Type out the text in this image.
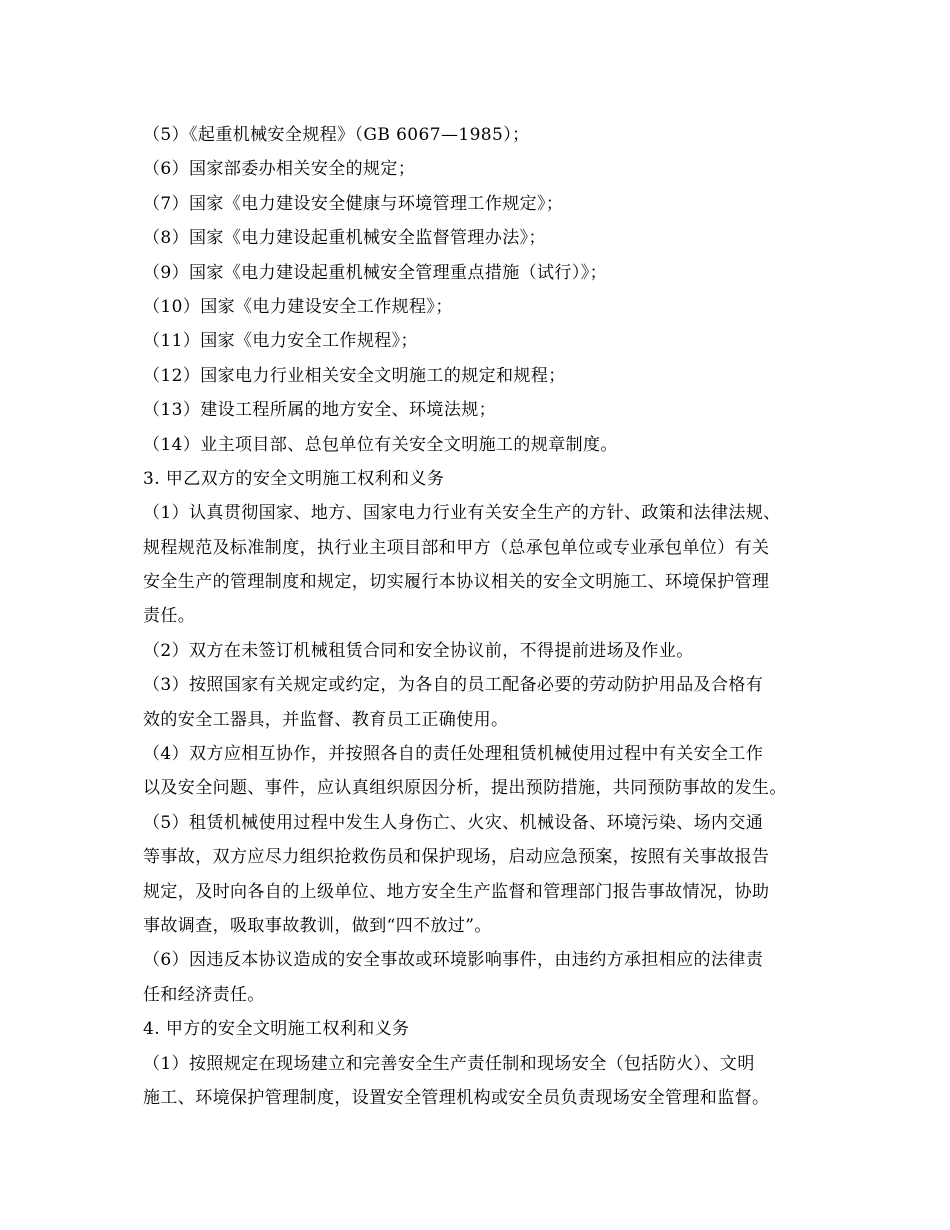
（5）《起重机械安全规程》（GB 6067—1985）；
（6）国家部委办相关安全的规定；
（7）国家《电力建设安全健康与环境管理工作规定》；
（8）国家《电力建设起重机械安全监督管理办法》；
（9）国家《电力建设起重机械安全管理重点措施（试行）》；
（10）国家《电力建设安全工作规程》；
（11）国家《电力安全工作规程》；
（12）国家电力行业相关安全文明施工的规定和规程；
（13）建设工程所属的地方安全、环境法规；
（14）业主项目部、总包单位有关安全文明施工的规章制度。
3. 甲乙双方的安全文明施工权利和义务
（1）认真贯彻国家、地方、国家电力行业有关安全生产的方针、政策和法律法规、
规程规范及标准制度，执行业主项目部和甲方（总承包单位或专业承包单位）有关
安全生产的管理制度和规定，切实履行本协议相关的安全文明施工、环境保护管理
责任。
（2）双方在未签订机械租赁合同和安全协议前，不得提前进场及作业。
（3）按照国家有关规定或约定，为各自的员工配备必要的劳动防护用品及合格有
效的安全工器具，并监督、教育员工正确使用。
（4）双方应相互协作，并按照各自的责任处理租赁机械使用过程中有关安全工作
以及安全问题、事件，应认真组织原因分析，提出预防措施，共同预防事故的发生。
（5）租赁机械使用过程中发生人身伤亡、火灾、机械设备、环境污染、场内交通
等事故，双方应尽力组织抢救伤员和保护现场，启动应急预案，按照有关事故报告
规定，及时向各自的上级单位、地方安全生产监督和管理部门报告事故情况，协助
事故调查，吸取事故教训，做到“四不放过”。
（6）因违反本协议造成的安全事故或环境影响事件，由违约方承担相应的法律责
任和经济责任。
4. 甲方的安全文明施工权利和义务
（1）按照规定在现场建立和完善安全生产责任制和现场安全（包括防火）、文明
施工、环境保护管理制度，设置安全管理机构或安全员负责现场安全管理和监督。
